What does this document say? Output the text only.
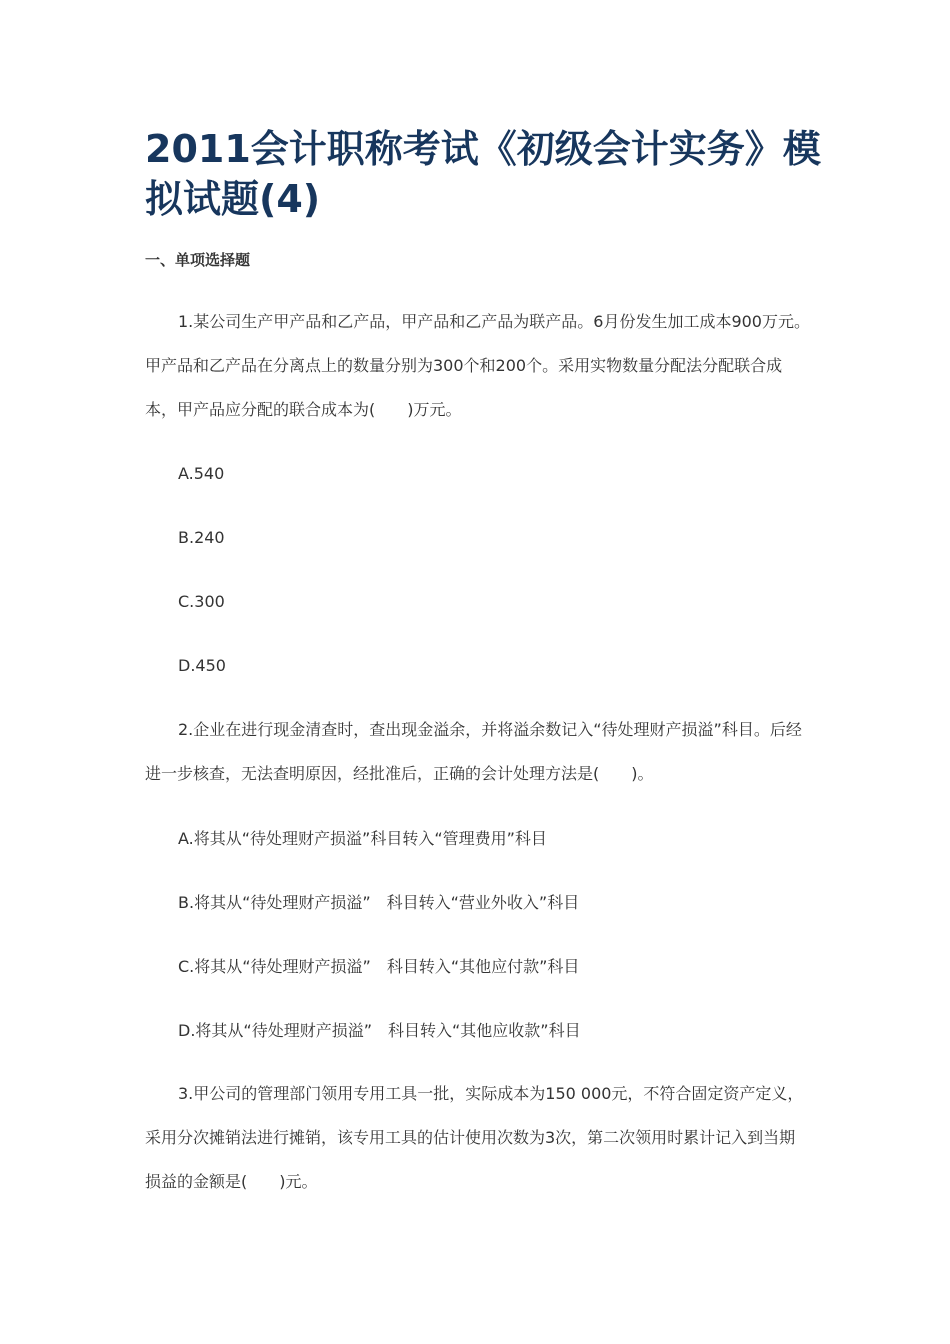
2011会计职称考试《初级会计实务》模拟试题(4)

一、单项选择题

1.某公司生产甲产品和乙产品，甲产品和乙产品为联产品。6月份发生加工成本900万元。甲产品和乙产品在分离点上的数量分别为300个和200个。采用实物数量分配法分配联合成本，甲产品应分配的联合成本为(　　)万元。

A.540

B.240

C.300

D.450

2.企业在进行现金清查时，查出现金溢余，并将溢余数记入“待处理财产损溢”科目。后经进一步核查，无法查明原因，经批准后，正确的会计处理方法是(　　)。

A.将其从“待处理财产损溢”科目转入“管理费用”科目

B.将其从“待处理财产损溢”　科目转入“营业外收入”科目

C.将其从“待处理财产损溢”　科目转入“其他应付款”科目

D.将其从“待处理财产损溢”　科目转入“其他应收款”科目

3.甲公司的管理部门领用专用工具一批，实际成本为150 000元，不符合固定资产定义，采用分次摊销法进行摊销，该专用工具的估计使用次数为3次，第二次领用时累计记入到当期损益的金额是(　　)元。
